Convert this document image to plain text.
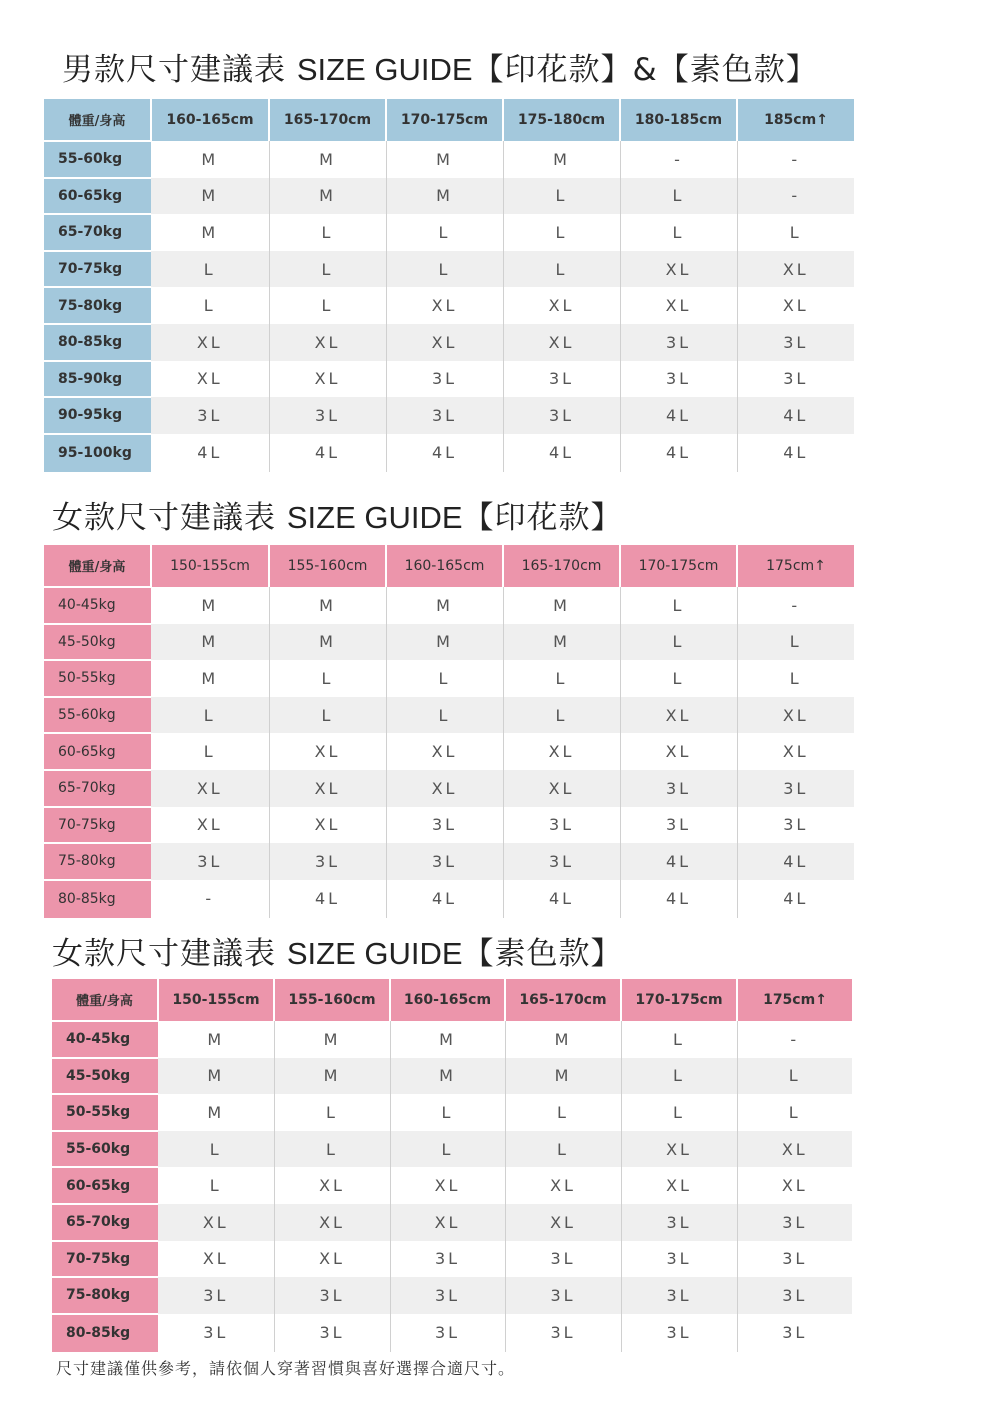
男款尺寸建議表 SIZE GUIDE【印花款】&【素色款】
體重/身高	160-165cm	165-170cm	170-175cm	175-180cm	180-185cm	185cm↑
55-60kg	M	M	M	M	-	-
60-65kg	M	M	M	L	L	-
65-70kg	M	L	L	L	L	L
70-75kg	L	L	L	L	XL	XL
75-80kg	L	L	XL	XL	XL	XL
80-85kg	XL	XL	XL	XL	3L	3L
85-90kg	XL	XL	3L	3L	3L	3L
90-95kg	3L	3L	3L	3L	4L	4L
95-100kg	4L	4L	4L	4L	4L	4L
女款尺寸建議表 SIZE GUIDE【印花款】
體重/身高	150-155cm	155-160cm	160-165cm	165-170cm	170-175cm	175cm↑
40-45kg	M	M	M	M	L	-
45-50kg	M	M	M	M	L	L
50-55kg	M	L	L	L	L	L
55-60kg	L	L	L	L	XL	XL
60-65kg	L	XL	XL	XL	XL	XL
65-70kg	XL	XL	XL	XL	3L	3L
70-75kg	XL	XL	3L	3L	3L	3L
75-80kg	3L	3L	3L	3L	4L	4L
80-85kg	-	4L	4L	4L	4L	4L
女款尺寸建議表 SIZE GUIDE【素色款】
體重/身高	150-155cm	155-160cm	160-165cm	165-170cm	170-175cm	175cm↑
40-45kg	M	M	M	M	L	-
45-50kg	M	M	M	M	L	L
50-55kg	M	L	L	L	L	L
55-60kg	L	L	L	L	XL	XL
60-65kg	L	XL	XL	XL	XL	XL
65-70kg	XL	XL	XL	XL	3L	3L
70-75kg	XL	XL	3L	3L	3L	3L
75-80kg	3L	3L	3L	3L	3L	3L
80-85kg	3L	3L	3L	3L	3L	3L
尺寸建議僅供參考，請依個人穿著習慣與喜好選擇合適尺寸。
